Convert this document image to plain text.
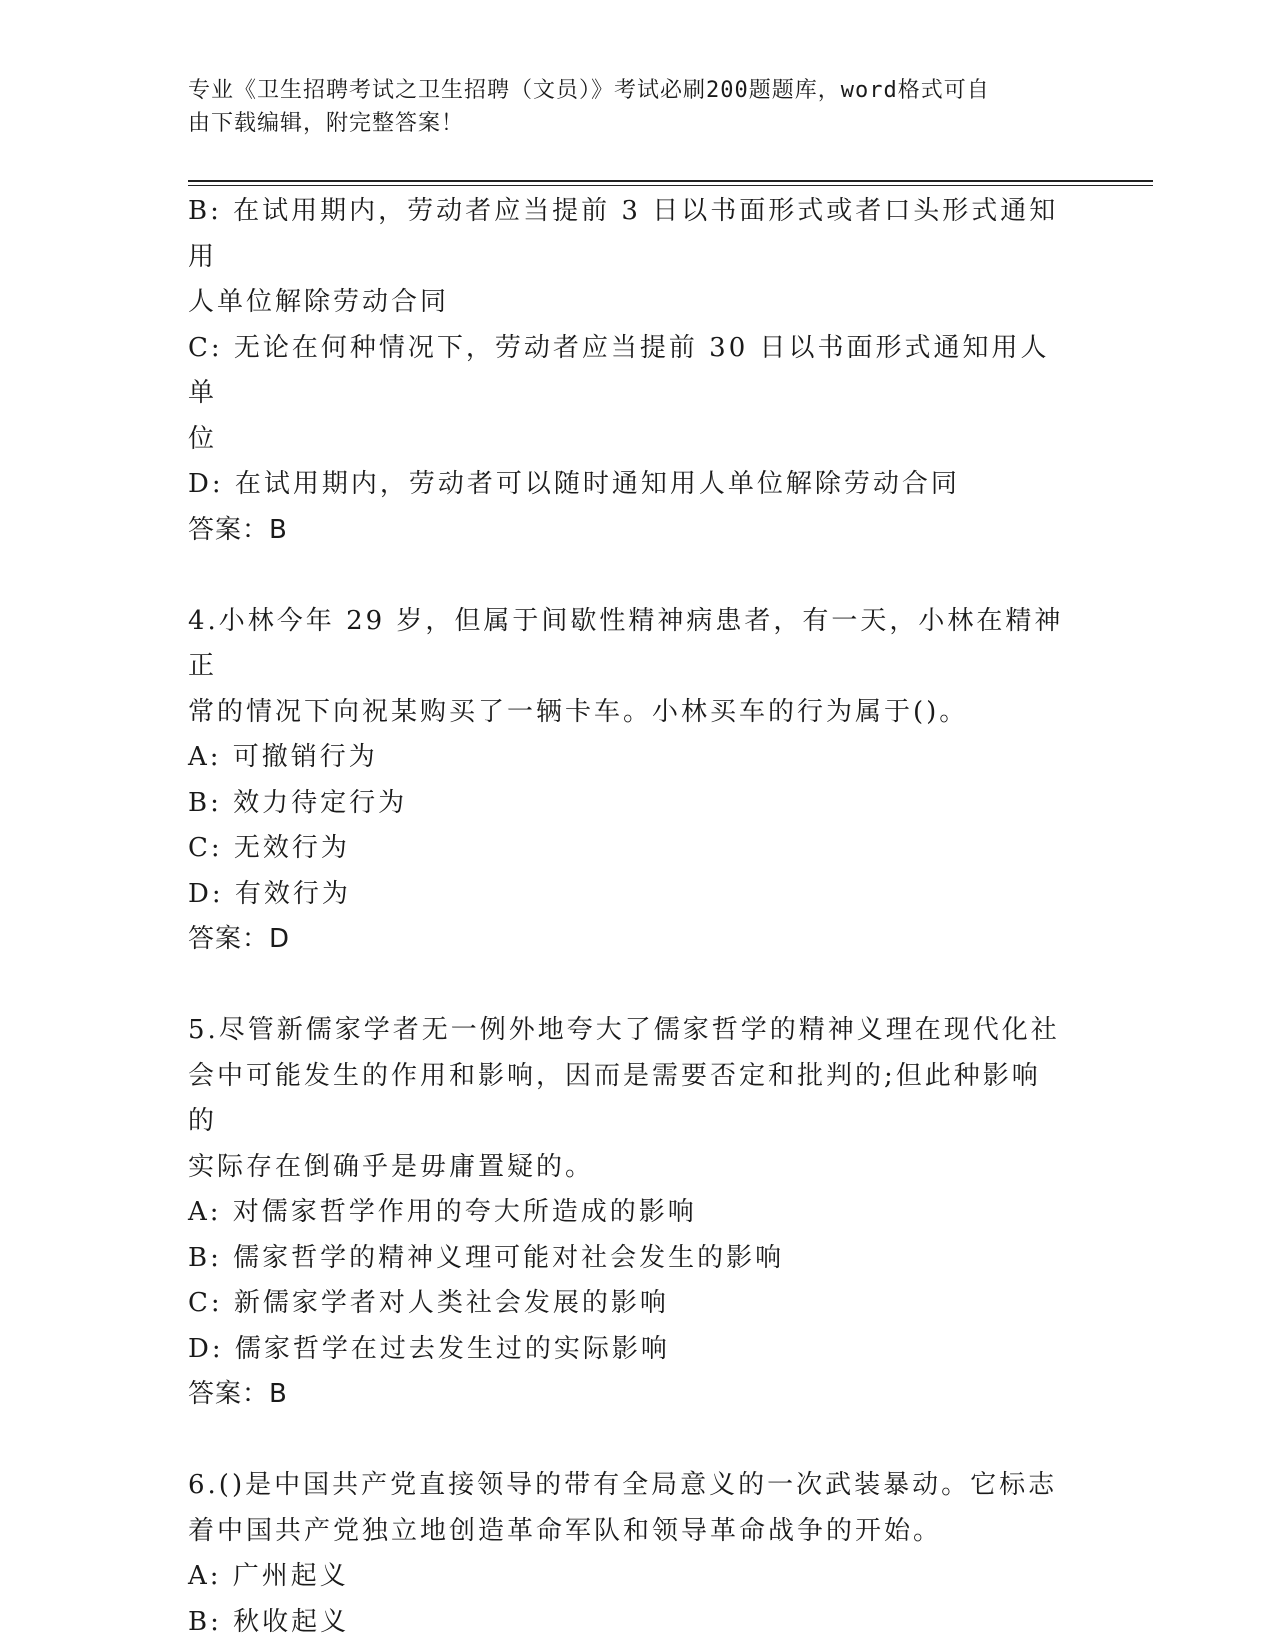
专业《卫生招聘考试之卫生招聘（文员）》考试必刷200题题库，word格式可自
由下载编辑，附完整答案！
B: 在试用期内，劳动者应当提前 3 日以书面形式或者口头形式通知用
人单位解除劳动合同
C: 无论在何种情况下，劳动者应当提前 30 日以书面形式通知用人单
位
D: 在试用期内，劳动者可以随时通知用人单位解除劳动合同
答案：B
4.小林今年 29 岁，但属于间歇性精神病患者，有一天，小林在精神正
常的情况下向祝某购买了一辆卡车。小林买车的行为属于()。
A: 可撤销行为
B: 效力待定行为
C: 无效行为
D: 有效行为
答案：D
5.尽管新儒家学者无一例外地夸大了儒家哲学的精神义理在现代化社
会中可能发生的作用和影响，因而是需要否定和批判的;但此种影响的
实际存在倒确乎是毋庸置疑的。
A: 对儒家哲学作用的夸大所造成的影响
B: 儒家哲学的精神义理可能对社会发生的影响
C: 新儒家学者对人类社会发展的影响
D: 儒家哲学在过去发生过的实际影响
答案：B
6.()是中国共产党直接领导的带有全局意义的一次武装暴动。它标志
着中国共产党独立地创造革命军队和领导革命战争的开始。
A: 广州起义
B: 秋收起义
